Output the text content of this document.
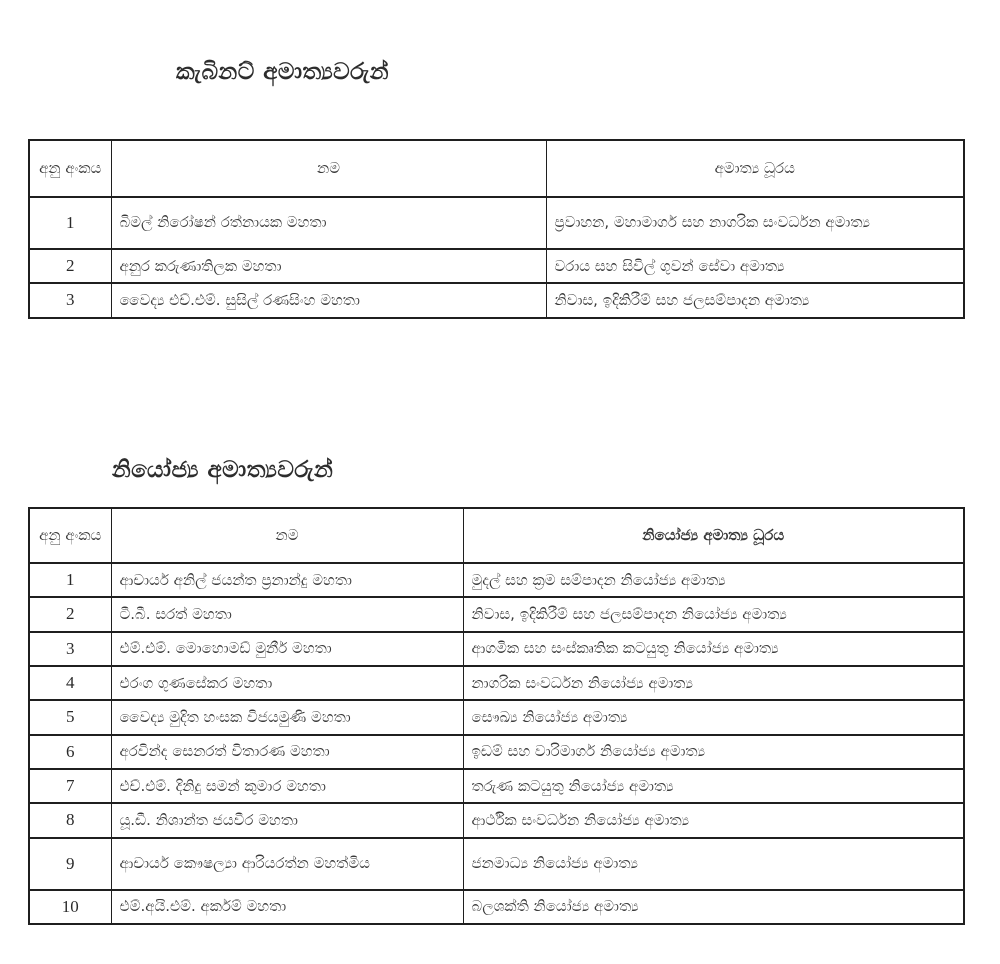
කැබිනට් අමාත්‍යවරුන්
අනු අංකය	නම	අමාත්‍ය ධූරය
1	බිමල් නිරෝෂන් රත්නායක මහතා	ප්‍රවාහන, මහාමාර්ග සහ නාගරික සංවර්ධන අමාත්‍ය
2	අනුර කරුණාතිලක මහතා	වරාය සහ සිවිල් ගුවන් සේවා අමාත්‍ය
3	වෛද්‍ය එච්.එම්. සුසිල් රණසිංහ මහතා	නිවාස, ඉදිකිරීම් සහ ජලසම්පාදන අමාත්‍ය
නියෝජ්‍ය අමාත්‍යවරුන්
අනු අංකය	නම	නියෝජ්‍ය අමාත්‍ය ධූරය
1	ආචාර්ය අනිල් ජයන්ත ප්‍රනාන්දු මහතා	මුදල් සහ ක්‍රම සම්පාදන නියෝජ්‍ය අමාත්‍ය
2	ටී.බී. සරත් මහතා	නිවාස, ඉදිකිරීම් සහ ජලසම්පාදන නියෝජ්‍ය අමාත්‍ය
3	එම්.එම්. මොහොමඩ් මුනීර් මහතා	ආගමික සහ සංස්කෘතික කටයුතු නියෝජ්‍ය අමාත්‍ය
4	එරංග ගුණසේකර මහතා	නාගරික සංවර්ධන නියෝජ්‍ය අමාත්‍ය
5	වෛද්‍ය මුදිත හංසක විජයමුණි මහතා	සෞඛ්‍ය නියෝජ්‍ය අමාත්‍ය
6	අරවින්ද සෙනරත් විතාරණ මහතා	ඉඩම් සහ වාරිමාර්ග නියෝජ්‍ය අමාත්‍ය
7	එච්.එම්. දිනිදු සමන් කුමාර මහතා	තරුණ කටයුතු නියෝජ්‍ය අමාත්‍ය
8	යූ.ඩී. නිශාන්ත ජයවීර මහතා	ආර්ථික සංවර්ධන නියෝජ්‍ය අමාත්‍ය
9	ආචාර්ය කෞෂල්‍යා ආරියරත්න මහත්මිය	ජනමාධ්‍ය නියෝජ්‍ය අමාත්‍ය
10	එම්.අයි.එම්. අර්කම් මහතා	බලශක්ති නියෝජ්‍ය අමාත්‍ය
